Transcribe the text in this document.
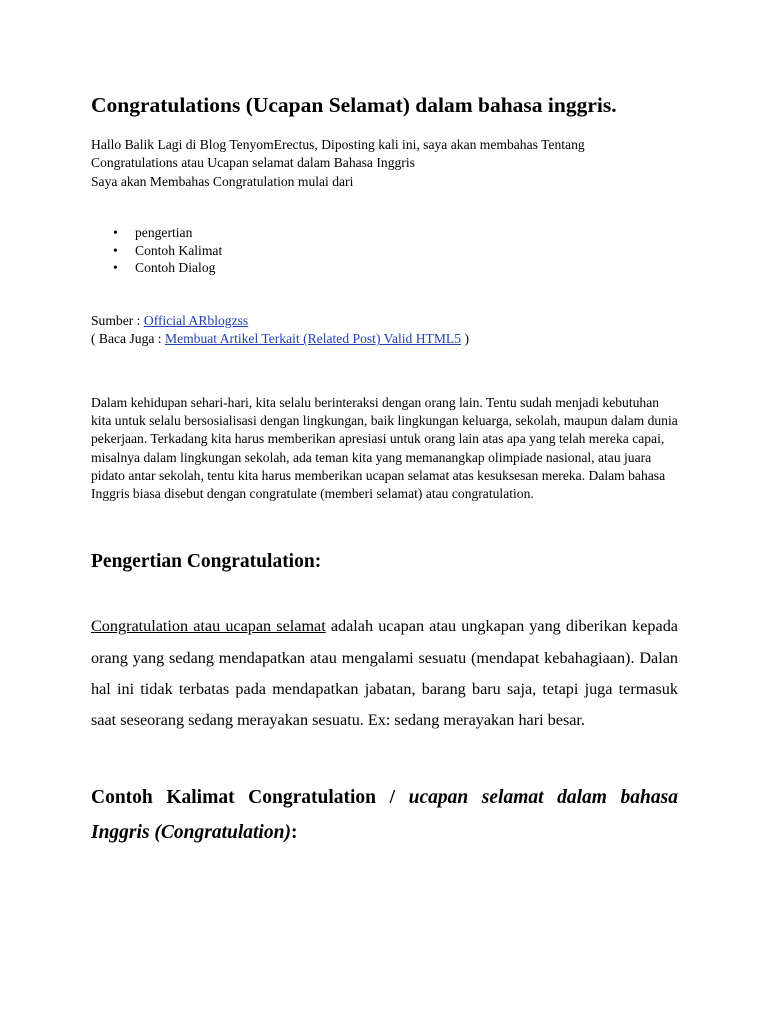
Congratulations (Ucapan Selamat) dalam bahasa inggris.

Hallo Balik Lagi di Blog TenyomErectus, Diposting kali ini, saya akan membahas Tentang

Congratulations atau Ucapan selamat dalam Bahasa Inggris

Saya akan Membahas Congratulation mulai dari

• pengertian
• Contoh Kalimat
• Contoh Dialog

Sumber : Official ARblogzss

( Baca Juga : Membuat Artikel Terkait (Related Post) Valid HTML5 )

Dalam kehidupan sehari-hari, kita selalu berinteraksi dengan orang lain. Tentu sudah menjadi kebutuhan kita untuk selalu bersosialisasi dengan lingkungan, baik lingkungan keluarga, sekolah, maupun dalam dunia pekerjaan. Terkadang kita harus memberikan apresiasi untuk orang lain atas apa yang telah mereka capai, misalnya dalam lingkungan sekolah, ada teman kita yang memanangkap olimpiade nasional, atau juara pidato antar sekolah, tentu kita harus memberikan ucapan selamat atas kesuksesan mereka. Dalam bahasa Inggris biasa disebut dengan congratulate (memberi selamat) atau congratulation.

Pengertian Congratulation:

Congratulation atau ucapan selamat adalah ucapan atau ungkapan yang diberikan kepada orang yang sedang mendapatkan atau mengalami sesuatu (mendapat kebahagiaan). Dalan hal ini tidak terbatas pada mendapatkan jabatan, barang baru saja, tetapi juga termasuk saat seseorang sedang merayakan sesuatu. Ex: sedang merayakan hari besar.

Contoh Kalimat Congratulation / ucapan selamat dalam bahasa Inggris (Congratulation):
